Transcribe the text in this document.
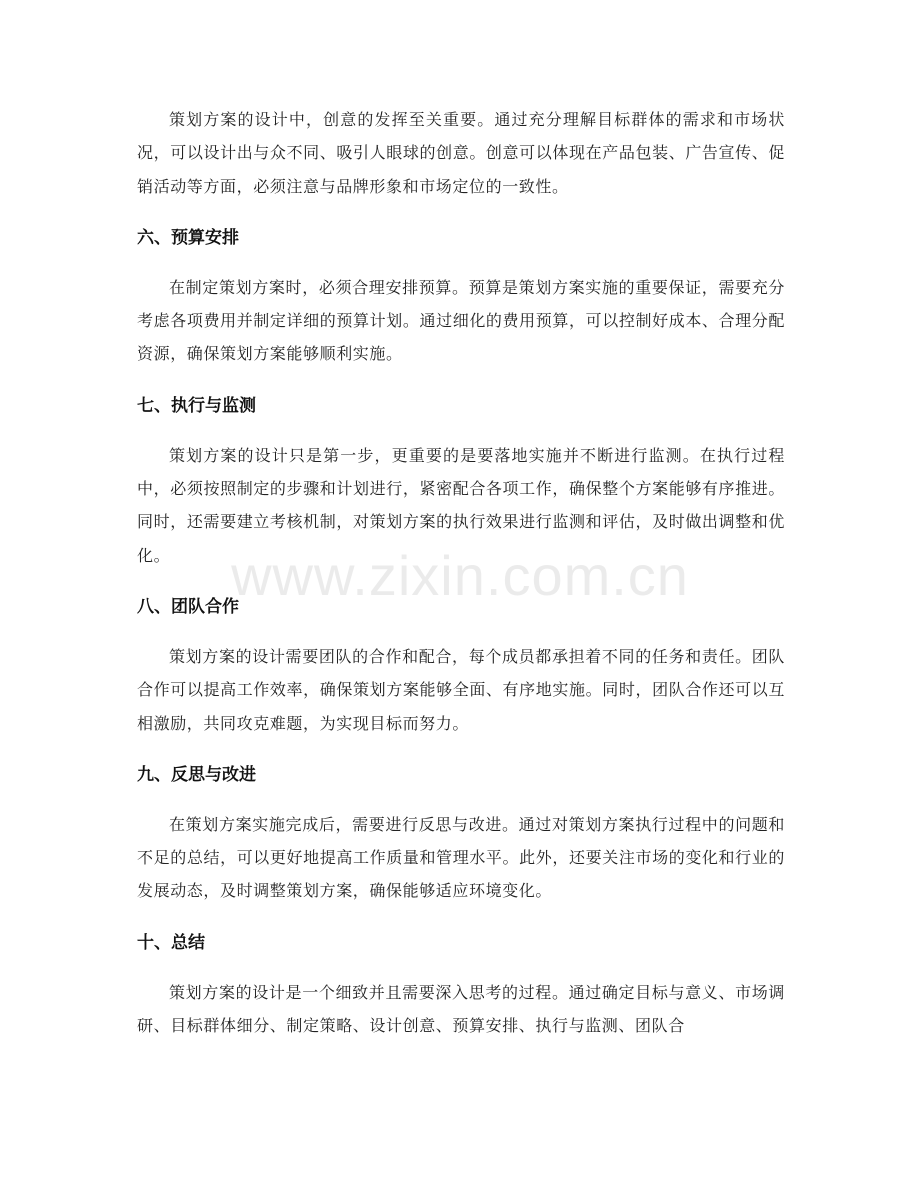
策划方案的设计中，创意的发挥至关重要。通过充分理解目标群体的需求和市场状况，可以设计出与众不同、吸引人眼球的创意。创意可以体现在产品包装、广告宣传、促销活动等方面，必须注意与品牌形象和市场定位的一致性。

六、预算安排

在制定策划方案时，必须合理安排预算。预算是策划方案实施的重要保证，需要充分考虑各项费用并制定详细的预算计划。通过细化的费用预算，可以控制好成本、合理分配资源，确保策划方案能够顺利实施。

七、执行与监测

策划方案的设计只是第一步，更重要的是要落地实施并不断进行监测。在执行过程中，必须按照制定的步骤和计划进行，紧密配合各项工作，确保整个方案能够有序推进。同时，还需要建立考核机制，对策划方案的执行效果进行监测和评估，及时做出调整和优化。

八、团队合作

策划方案的设计需要团队的合作和配合，每个成员都承担着不同的任务和责任。团队合作可以提高工作效率，确保策划方案能够全面、有序地实施。同时，团队合作还可以互相激励，共同攻克难题，为实现目标而努力。

九、反思与改进

在策划方案实施完成后，需要进行反思与改进。通过对策划方案执行过程中的问题和不足的总结，可以更好地提高工作质量和管理水平。此外，还要关注市场的变化和行业的发展动态，及时调整策划方案，确保能够适应环境变化。

十、总结

策划方案的设计是一个细致并且需要深入思考的过程。通过确定目标与意义、市场调研、目标群体细分、制定策略、设计创意、预算安排、执行与监测、团队合

www.zixin.com.cn
